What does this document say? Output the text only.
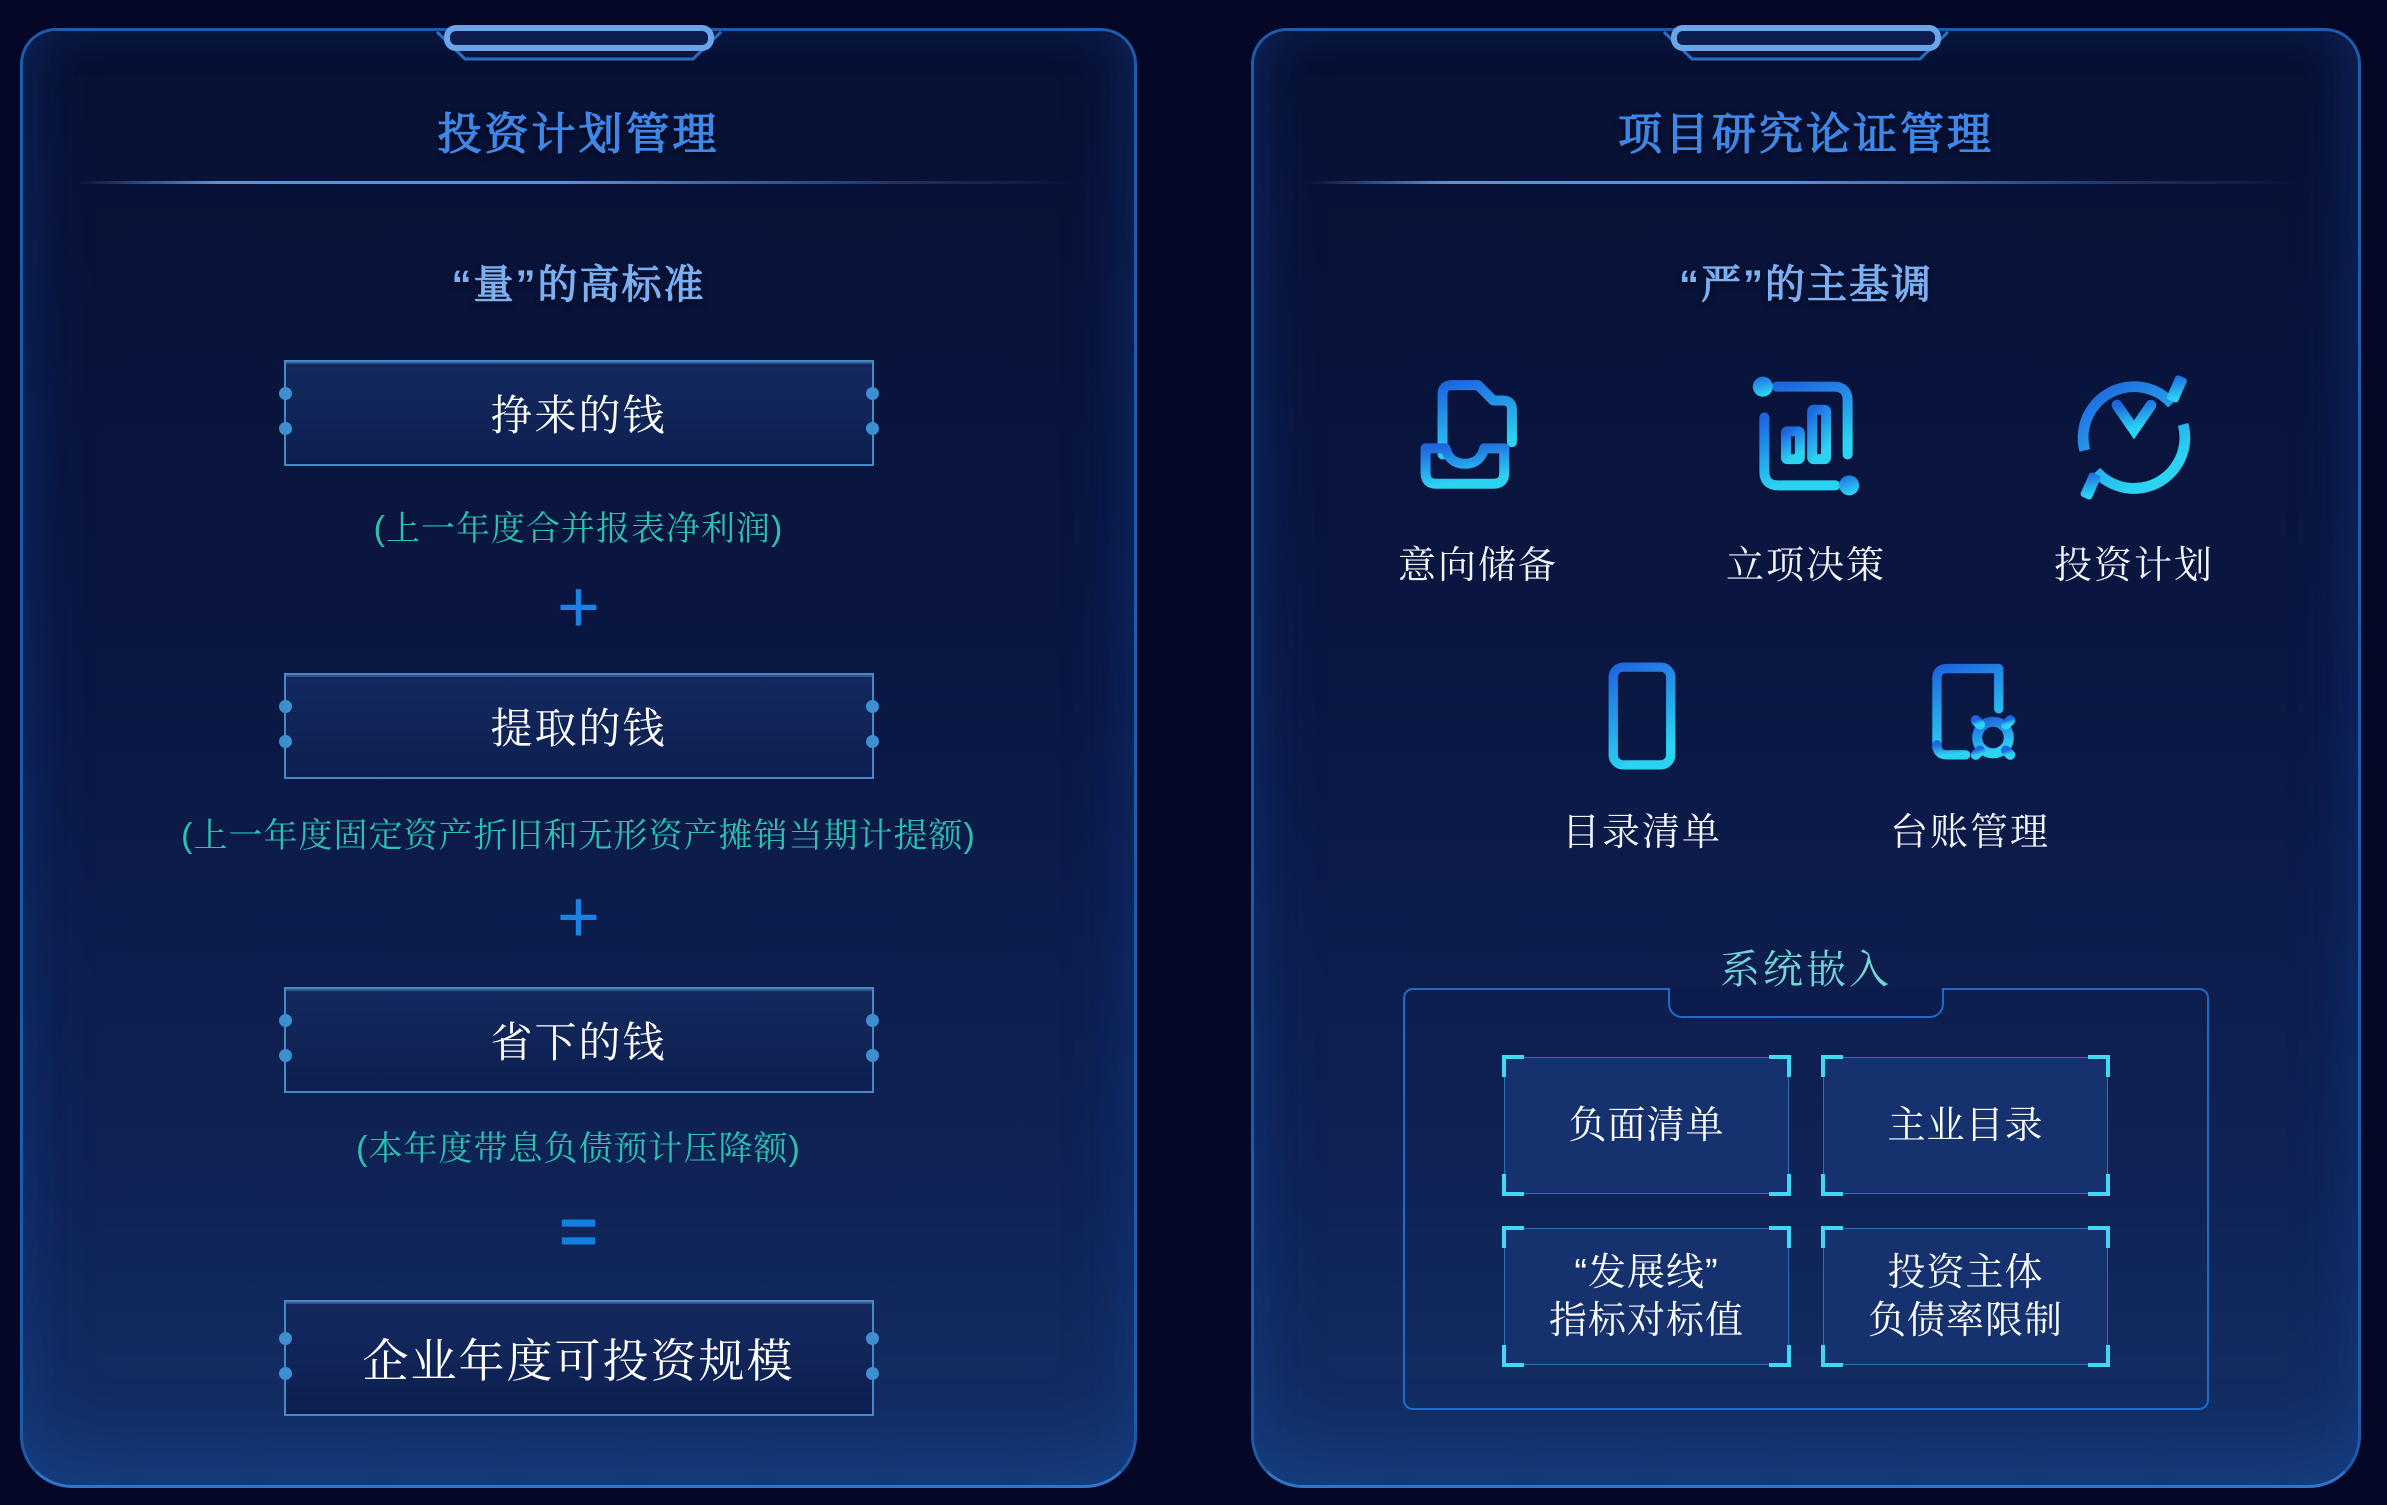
投资计划管理
“量”的高标准
挣来的钱
(上一年度合并报表净利润)
+
提取的钱
(上一年度固定资产折旧和无形资产摊销当期计提额)
+
省下的钱
(本年度带息负债预计压降额)
=
企业年度可投资规模
项目研究论证管理
“严”的主基调
意向储备	立项决策	投资计划
目录清单	台账管理
系统嵌入
负面清单	主业目录
“发展线”
指标对标值
投资主体
负债率限制
